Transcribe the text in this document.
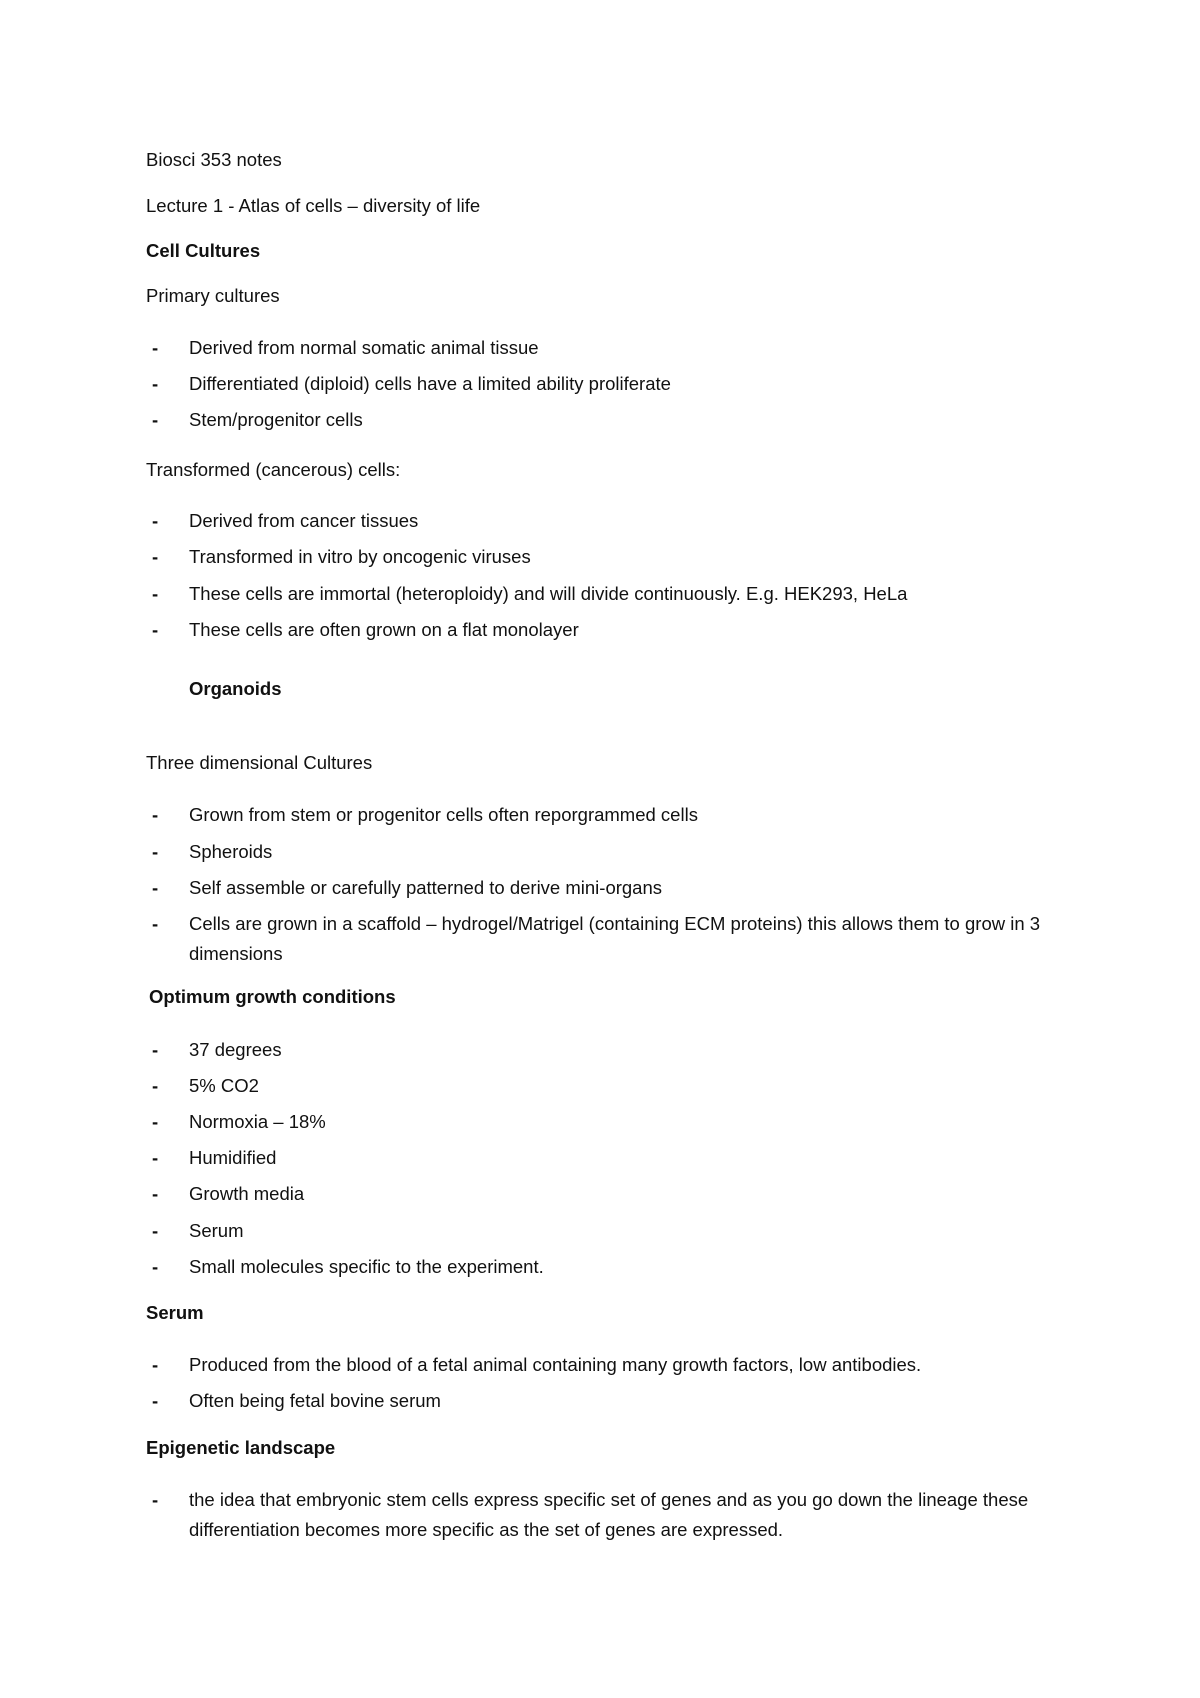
Biosci 353 notes
Lecture 1 - Atlas of cells – diversity of life
Cell Cultures
Primary cultures
-	Derived from normal somatic animal tissue
-	Differentiated (diploid) cells have a limited ability proliferate
-	Stem/progenitor cells
Transformed (cancerous) cells:
-	Derived from cancer tissues
-	Transformed in vitro by oncogenic viruses
-	These cells are immortal (heteroploidy) and will divide continuously. E.g. HEK293, HeLa
-	These cells are often grown on a flat monolayer
Organoids
Three dimensional Cultures
-	Grown from stem or progenitor cells often reporgrammed cells
-	Spheroids
-	Self assemble or carefully patterned to derive mini-organs
-	Cells are grown in a scaffold – hydrogel/Matrigel (containing ECM proteins) this allows them to grow in 3 dimensions
Optimum growth conditions
-	37 degrees
-	5% CO2
-	Normoxia – 18%
-	Humidified
-	Growth media
-	Serum
-	Small molecules specific to the experiment.
Serum
-	Produced from the blood of a fetal animal containing many growth factors, low antibodies.
-	Often being fetal bovine serum
Epigenetic landscape
-	the idea that embryonic stem cells express specific set of genes and as you go down the lineage these differentiation becomes more specific as the set of genes are expressed.
